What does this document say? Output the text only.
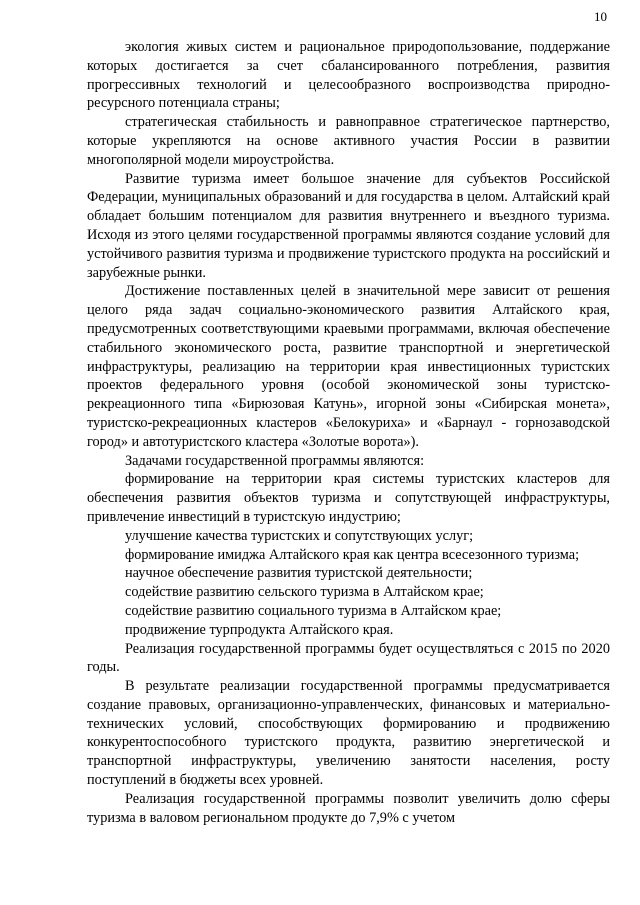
10

экология живых систем и рациональное природопользование, поддержание которых достигается за счет сбалансированного потребления, развития прогрессивных технологий и целесообразного воспроизводства природно-ресурсного потенциала страны;

стратегическая стабильность и равноправное стратегическое партнерство, которые укрепляются на основе активного участия России в развитии многополярной модели мироустройства.

Развитие туризма имеет большое значение для субъектов Российской Федерации, муниципальных образований и для государства в целом. Алтайский край обладает большим потенциалом для развития внутреннего и въездного туризма. Исходя из этого целями государственной программы являются создание условий для устойчивого развития туризма и продвижение туристского продукта на российский и зарубежные рынки.

Достижение поставленных целей в значительной мере зависит от решения целого ряда задач социально-экономического развития Алтайского края, предусмотренных соответствующими краевыми программами, включая обеспечение стабильного экономического роста, развитие транспортной и энергетической инфраструктуры, реализацию на территории края инвестиционных туристских проектов федерального уровня (особой экономической зоны туристско-рекреационного типа «Бирюзовая Катунь», игорной зоны «Сибирская монета», туристско-рекреационных кластеров «Белокуриха» и «Барнаул - горнозаводской город» и автотуристского кластера «Золотые ворота»).

Задачами государственной программы являются:

формирование на территории края системы туристских кластеров для обеспечения развития объектов туризма и сопутствующей инфраструктуры, привлечение инвестиций в туристскую индустрию;

улучшение качества туристских и сопутствующих услуг;

формирование имиджа Алтайского края как центра всесезонного туризма;

научное обеспечение развития туристской деятельности;

содействие развитию сельского туризма в Алтайском крае;

содействие развитию социального туризма в Алтайском крае;

продвижение турпродукта Алтайского края.

Реализация государственной программы будет осуществляться с 2015 по 2020 годы.

В результате реализации государственной программы предусматривается создание правовых, организационно-управленческих, финансовых и материально-технических условий, способствующих формированию и продвижению конкурентоспособного туристского продукта, развитию энергетической и транспортной инфраструктуры, увеличению занятости населения, росту поступлений в бюджеты всех уровней.

Реализация государственной программы позволит увеличить долю сферы туризма в валовом региональном продукте до 7,9% с учетом
